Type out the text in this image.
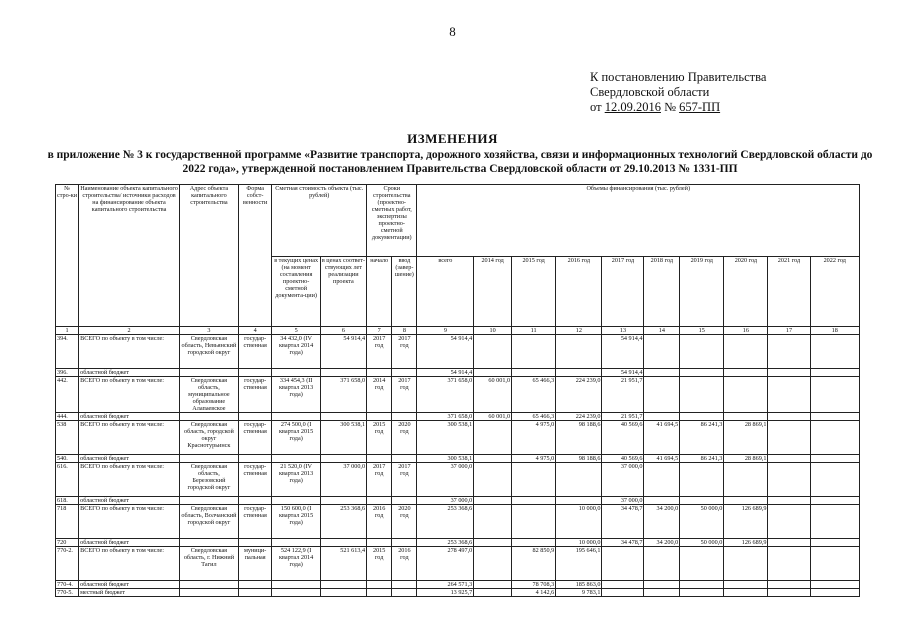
8
К постановлению Правительства
Свердловской области
от 12.09.2016 № 657-ПП
ИЗМЕНЕНИЯ
в приложение № 3 к государственной программе «Развитие транспорта, дорожного хозяйства, связи и информационных технологий Свердловской области до 2022 года», утвержденной постановлением Правительства Свердловской области от 29.10.2013 № 1331-ПП
№ стро-ки	Наименование объекта капитального строительства/ источники расходов на финансирование объекта капитального строительства	Адрес объекта капитального строительства	Форма собст-венности	Сметная стоимость объекта (тыс. рублей)		Сроки строительства (проектно-сметных работ, экспертизы проектно-сметной документации)		Объемы финансирования (тыс. рублей)									
				в текущих ценах (на момент составления проектно-сметной документа-ции)	в ценах соответ-ствующих лет реализации проекта	начало	ввод (завер-шение)	всего	2014 год	2015 год	2016 год	2017 год	2018 год	2019 год	2020 год	2021 год	2022 год
1	2	3	4	5	6	7	8	9	10	11	12	13	14	15	16	17	18
394.	ВСЕГО по объекту в том числе:	Свердловская область, Невьянский городской округ	государ-ственная	34 432,0 (IV квартал 2014 года)	54 914,4	2017 год	2017 год	54 914,4				54 914,4					
396.	областной бюджет							54 914,4				54 914,4					
442.	ВСЕГО по объекту в том числе:	Свердловская область, муниципальное образование Алапаевское	государ-ственная	334 454,3 (II квартал 2013 года)	371 658,0	2014 год	2017 год	371 658,0	60 001,0	65 466,3	224 239,0	21 951,7					
444.	областной бюджет							371 658,0	60 001,0	65 466,3	224 239,0	21 951,7					
538	ВСЕГО по объекту в том числе:	Свердловская область, городской округ Краснотурьинск	государ-ственная	274 500,0 (I квартал 2015 года)	300 538,1	2015 год	2020 год	300 538,1		4 975,0	98 188,6	40 569,6	41 694,5	86 241,3	28 869,1		
540.	областной бюджет							300 538,1		4 975,0	98 188,6	40 569,6	41 694,5	86 241,3	28 869,1		
616.	ВСЕГО по объекту в том числе:	Свердловская область, Березовский городской округ	государ-ственная	21 520,0 (IV квартал 2013 года)	37 000,0	2017 год	2017 год	37 000,0				37 000,0					
618.	областной бюджет							37 000,0				37 000,0					
718	ВСЕГО по объекту в том числе:	Свердловская область, Волчанский городской округ	государ-ственная	150 600,0 (I квартал 2015 года)	253 368,6	2016 год	2020 год	253 368,6			10 000,0	34 478,7	34 200,0	50 000,0	126 689,9		
720	областной бюджет							253 368,6			10 000,0	34 478,7	34 200,0	50 000,0	126 689,9		
770-2.	ВСЕГО по объекту в том числе:	Свердловская область, г. Нижний Тагил	муници-пальная	524 122,9 (I квартал 2014 года)	521 613,4	2015 год	2016 год	278 497,0		82 850,9	195 646,1						
770-4.	областной бюджет							264 571,3		78 708,3	185 863,0						
770-5.	местный бюджет							13 925,7		4 142,6	9 783,1						
